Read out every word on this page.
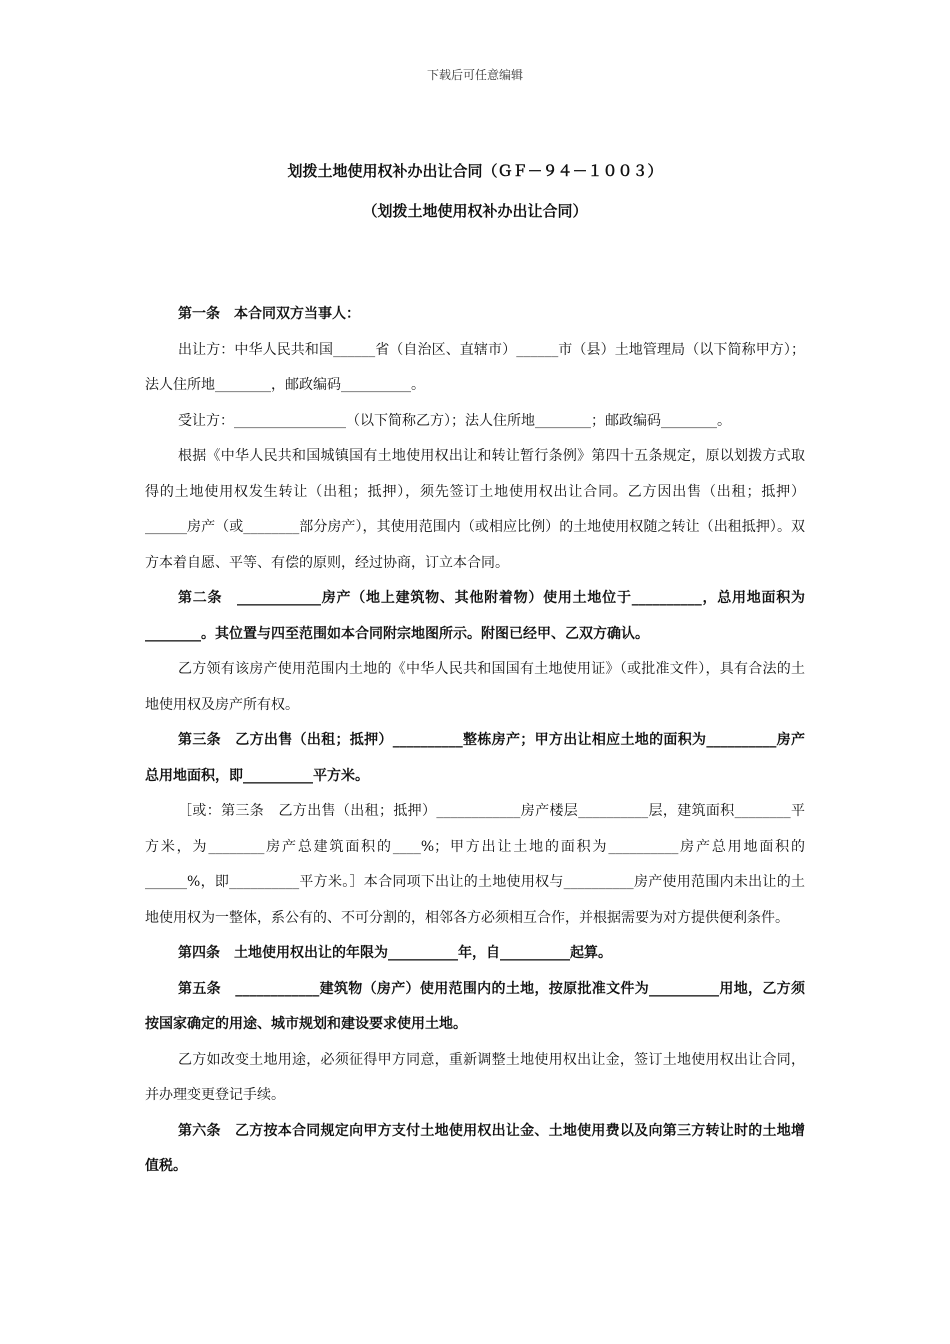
下载后可任意编辑
划拨土地使用权补办出让合同（ＧＦ－９４－１００３）
（划拨土地使用权补办出让合同）

第一条　本合同双方当事人：

出让方：中华人民共和国______省（自治区、直辖市）______市（县）土地管理局（以下简称甲方）；法人住所地________，邮政编码__________。

受让方：________________（以下简称乙方）；法人住所地________；邮政编码________。

根据《中华人民共和国城镇国有土地使用权出让和转让暂行条例》第四十五条规定，原以划拨方式取得的土地使用权发生转让（出租；抵押），须先签订土地使用权出让合同。乙方因出售（出租；抵押）______房产（或________部分房产），其使用范围内（或相应比例）的土地使用权随之转让（出租抵押）。双方本着自愿、平等、有偿的原则，经过协商，订立本合同。

第二条　____________房产（地上建筑物、其他附着物）使用土地位于__________，总用地面积为________。其位置与四至范围如本合同附宗地图所示。附图已经甲、乙双方确认。

乙方领有该房产使用范围内土地的《中华人民共和国国有土地使用证》（或批准文件），具有合法的土地使用权及房产所有权。

第三条　乙方出售（出租；抵押）__________整栋房产；甲方出让相应土地的面积为__________房产总用地面积，即__________平方米。

［或：第三条　乙方出售（出租；抵押）____________房产楼层__________层，建筑面积________平方米，为________房产总建筑面积的____%；甲方出让土地的面积为__________房产总用地面积的______%，即__________平方米。］本合同项下出让的土地使用权与__________房产使用范围内未出让的土地使用权为一整体，系公有的、不可分割的，相邻各方必须相互合作，并根据需要为对方提供便利条件。

第四条　土地使用权出让的年限为__________年，自__________起算。

第五条　____________建筑物（房产）使用范围内的土地，按原批准文件为__________用地，乙方须按国家确定的用途、城市规划和建设要求使用土地。

乙方如改变土地用途，必须征得甲方同意，重新调整土地使用权出让金，签订土地使用权出让合同，并办理变更登记手续。

第六条　乙方按本合同规定向甲方支付土地使用权出让金、土地使用费以及向第三方转让时的土地增值税。
